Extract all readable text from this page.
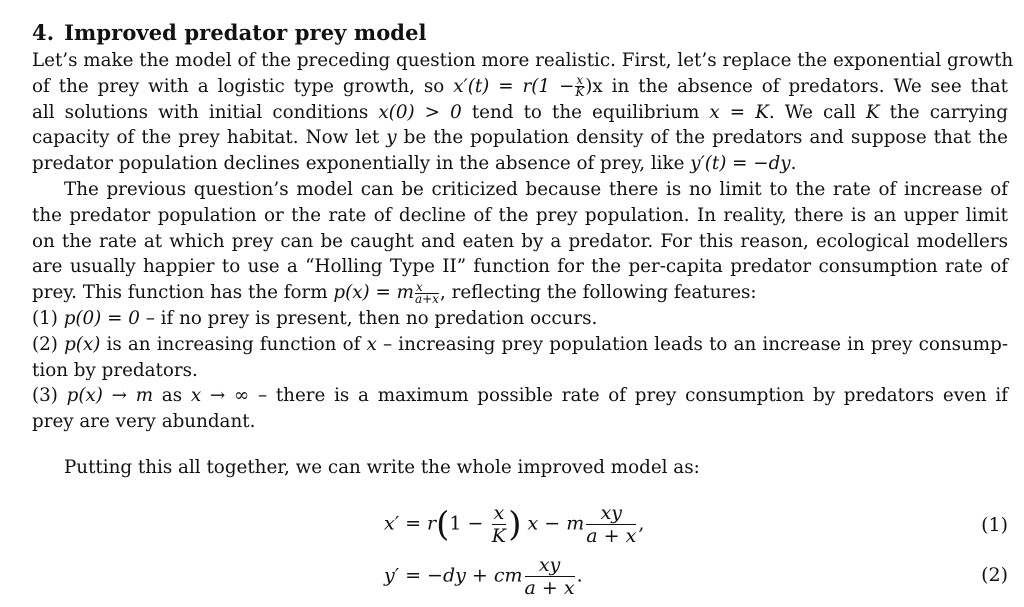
4. Improved predator prey model
Let’s make the model of the preceding question more realistic. First, let’s replace the exponential growth
of the prey with a logistic type growth, so $x'(t) = r(1 - \frac{x}{K} )x$ in the absence of predators. We see that
all solutions with initial conditions x(0) > 0 tend to the equilibrium x = K. We call K the carrying
capacity of the prey habitat. Now let y be the population density of the predators and suppose that the
predator population declines exponentially in the absence of prey, like y′(t) = −dy.
The previous question’s model can be criticized because there is no limit to the rate of increase of
the predator population or the rate of decline of the prey population. In reality, there is an upper limit
on the rate at which prey can be caught and eaten by a predator. For this reason, ecological modellers
are usually happier to use a “Holling Type II” function for the per-capita predator consumption rate of
prey. This function has the form p(x) = m $\frac{x}{a+x}$ , reflecting the following features:
(1) p(0) = 0 – if no prey is present, then no predation occurs.
(2) p(x) is an increasing function of x – increasing prey population leads to an increase in prey consump-
tion by predators.
(3) p(x) → m as x → ∞ – there is a maximum possible rate of prey consumption by predators even if
prey are very abundant.
Putting this all together, we can write the whole improved model as:
$x' = r(1 - \frac{x}{K}$ ) x − m $\frac{xy}{a + x}$ ,	(1)
y′ = −dy + cm $\frac{xy}{a + x}$ .	(2)
